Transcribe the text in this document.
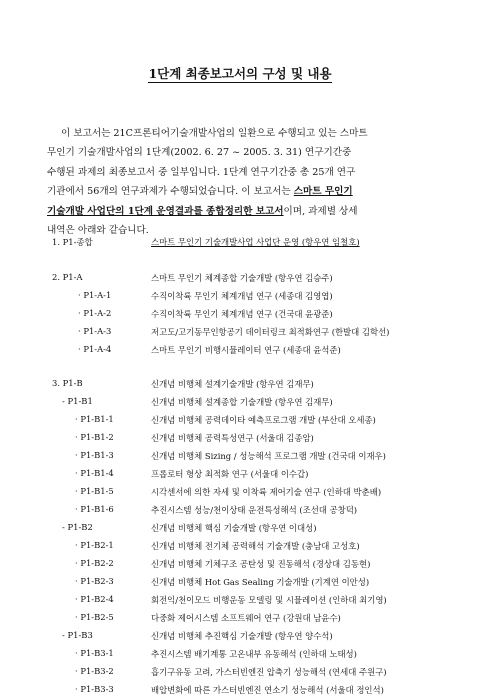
1단계 최종보고서의 구성 및 내용
이 보고서는 21C프론티어기술개발사업의 일환으로 수행되고 있는 스마트
무인기 기술개발사업의 1단계(2002. 6. 27 ~ 2005. 3. 31) 연구기간중
수행된 과제의 최종보고서 중 일부입니다. 1단계 연구기간중 총 25개 연구
기관에서 56개의 연구과제가 수행되었습니다. 이 보고서는 스마트 무인기
기술개발 사업단의 1단계 운영결과를 종합정리한 보고서이며, 과제별 상세
내역은 아래와 같습니다.
1. P1-종합	스마트 무인기 기술개발사업 사업단 운영 (항우연 임철호)
2. P1-A	스마트 무인기 체계종합 기술개발 (항우연 김승주)
· P1-A-1	수직이착륙 무인기 체계개념 연구 (세종대 김영엽)
· P1-A-2	수직이착륙 무인기 체계개념 연구 (건국대 윤광준)
· P1-A-3	저고도/고기동무인항공기 데이터링크 최적화연구 (한발대 김학선)
· P1-A-4	스마트 무인기 비행시뮬레이터 연구 (세종대 윤석준)
3. P1-B	신개념 비행체 설계기술개발 (항우연 김재무)
- P1-B1	신개념 비행체 설계종합 기술개발 (항우연 김재무)
· P1-B1-1	신개념 비행체 공력데이타 예측프로그램 개발 (부산대 오세종)
· P1-B1-2	신개념 비행체 공력특성연구 (서울대 김종암)
· P1-B1-3	신개념 비행체 Sizing / 성능해석 프로그램 개발 (건국대 이재우)
· P1-B1-4	프롭로터 형상 최적화 연구 (서울대 이수갑)
· P1-B1-5	시각센서에 의한 자세 및 이착륙 제어기술 연구 (인하대 박춘배)
· P1-B1-6	추진시스템 성능/천이상태 운전특성해석 (조선대 공창덕)
- P1-B2	신개념 비행체 핵심 기술개발 (항우연 이대성)
· P1-B2-1	신개념 비행체 전기체 공력해석 기술개발 (충남대 고성호)
· P1-B2-2	신개념 비행체 기체구조 공탄성 및 진동해석 (경상대 김동현)
· P1-B2-3	신개념 비행체 Hot Gas Sealing 기술개발 (기계연 이안성)
· P1-B2-4	회전익/천이모드 비행운동 모델링 및 시뮬레이션 (인하대 최기영)
· P1-B2-5	다중화 제어시스템 소프트웨어 연구 (강원대 남윤수)
- P1-B3	신개념 비행체 추진핵심 기술개발 (항우연 양수석)
· P1-B3-1	추진시스템 배기계통 고온내부 유동해석 (인하대 노태성)
· P1-B3-2	흡기구유동 고려, 가스터빈엔진 압축기 성능해석 (연세대 주원구)
· P1-B3-3	배압변화에 따른 가스터빈엔진 연소기 성능해석 (서울대 정인석)
